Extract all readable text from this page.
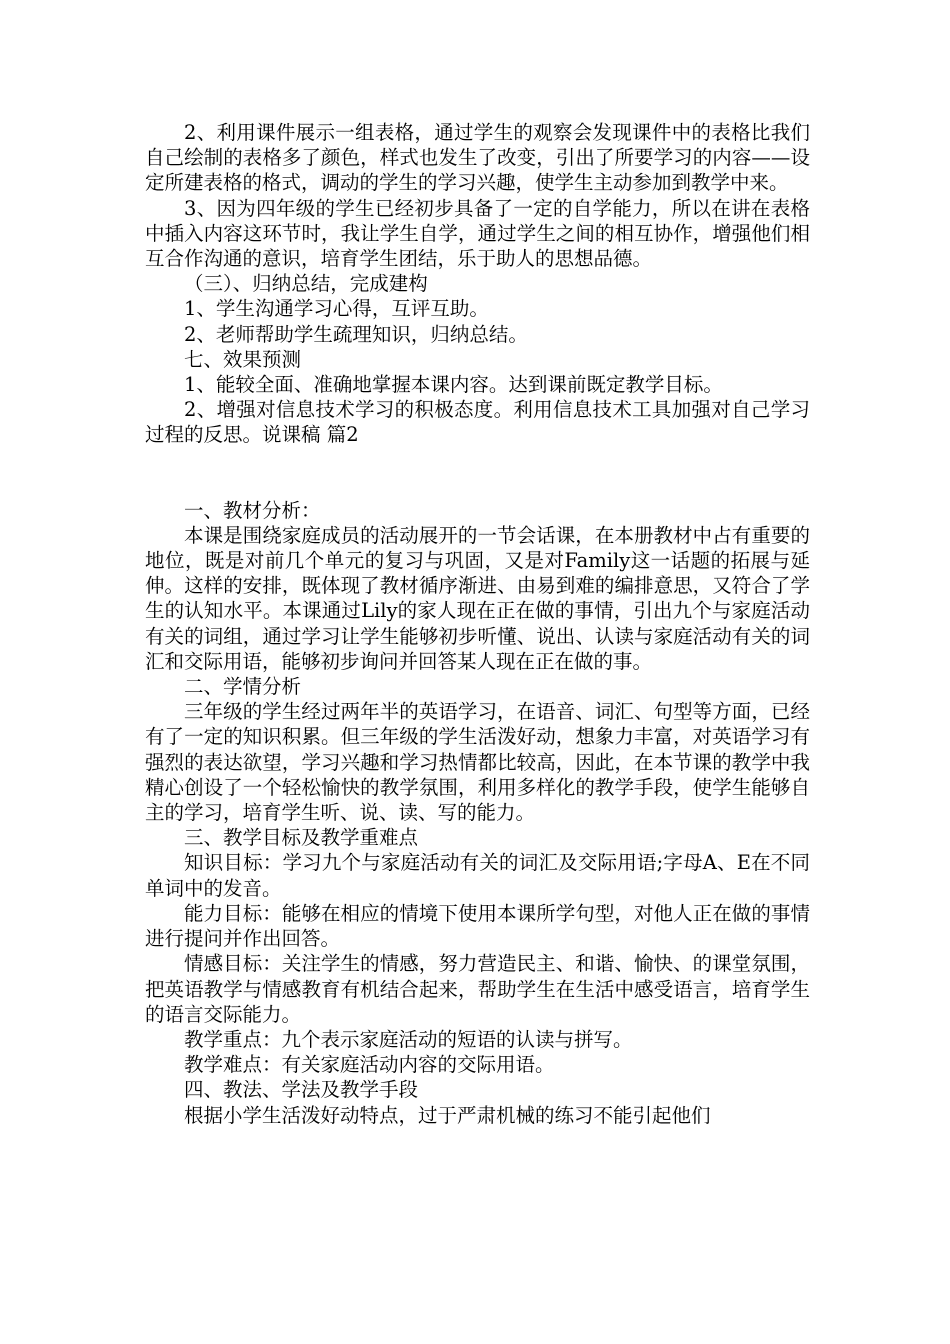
2、利用课件展示一组表格，通过学生的观察会发现课件中的表格比我们自己绘制的表格多了颜色，样式也发生了改变，引出了所要学习的内容——设定所建表格的格式，调动的学生的学习兴趣，使学生主动参加到教学中来。

3、因为四年级的学生已经初步具备了一定的自学能力，所以在讲在表格中插入内容这环节时，我让学生自学，通过学生之间的相互协作，增强他们相互合作沟通的意识，培育学生团结，乐于助人的思想品德。

（三）、归纳总结，完成建构

1、学生沟通学习心得，互评互助。

2、老师帮助学生疏理知识，归纳总结。

七、效果预测

1、能较全面、准确地掌握本课内容。达到课前既定教学目标。

2、增强对信息技术学习的积极态度。利用信息技术工具加强对自己学习过程的反思。说课稿 篇2

一、教材分析：

本课是围绕家庭成员的活动展开的一节会话课，在本册教材中占有重要的地位，既是对前几个单元的复习与巩固，又是对Family这一话题的拓展与延伸。这样的安排，既体现了教材循序渐进、由易到难的编排意思，又符合了学生的认知水平。本课通过Lily的家人现在正在做的事情，引出九个与家庭活动有关的词组，通过学习让学生能够初步听懂、说出、认读与家庭活动有关的词汇和交际用语，能够初步询问并回答某人现在正在做的事。

二、学情分析

三年级的学生经过两年半的英语学习，在语音、词汇、句型等方面，已经有了一定的知识积累。但三年级的学生活泼好动，想象力丰富，对英语学习有强烈的表达欲望，学习兴趣和学习热情都比较高，因此，在本节课的教学中我精心创设了一个轻松愉快的教学氛围，利用多样化的教学手段，使学生能够自主的学习，培育学生听、说、读、写的能力。

三、教学目标及教学重难点

知识目标：学习九个与家庭活动有关的词汇及交际用语;字母A、E在不同单词中的发音。

能力目标：能够在相应的情境下使用本课所学句型，对他人正在做的事情进行提问并作出回答。

情感目标：关注学生的情感，努力营造民主、和谐、愉快、的课堂氛围，把英语教学与情感教育有机结合起来，帮助学生在生活中感受语言，培育学生的语言交际能力。

教学重点：九个表示家庭活动的短语的认读与拼写。

教学难点：有关家庭活动内容的交际用语。

四、教法、学法及教学手段

根据小学生活泼好动特点，过于严肃机械的练习不能引起他们
